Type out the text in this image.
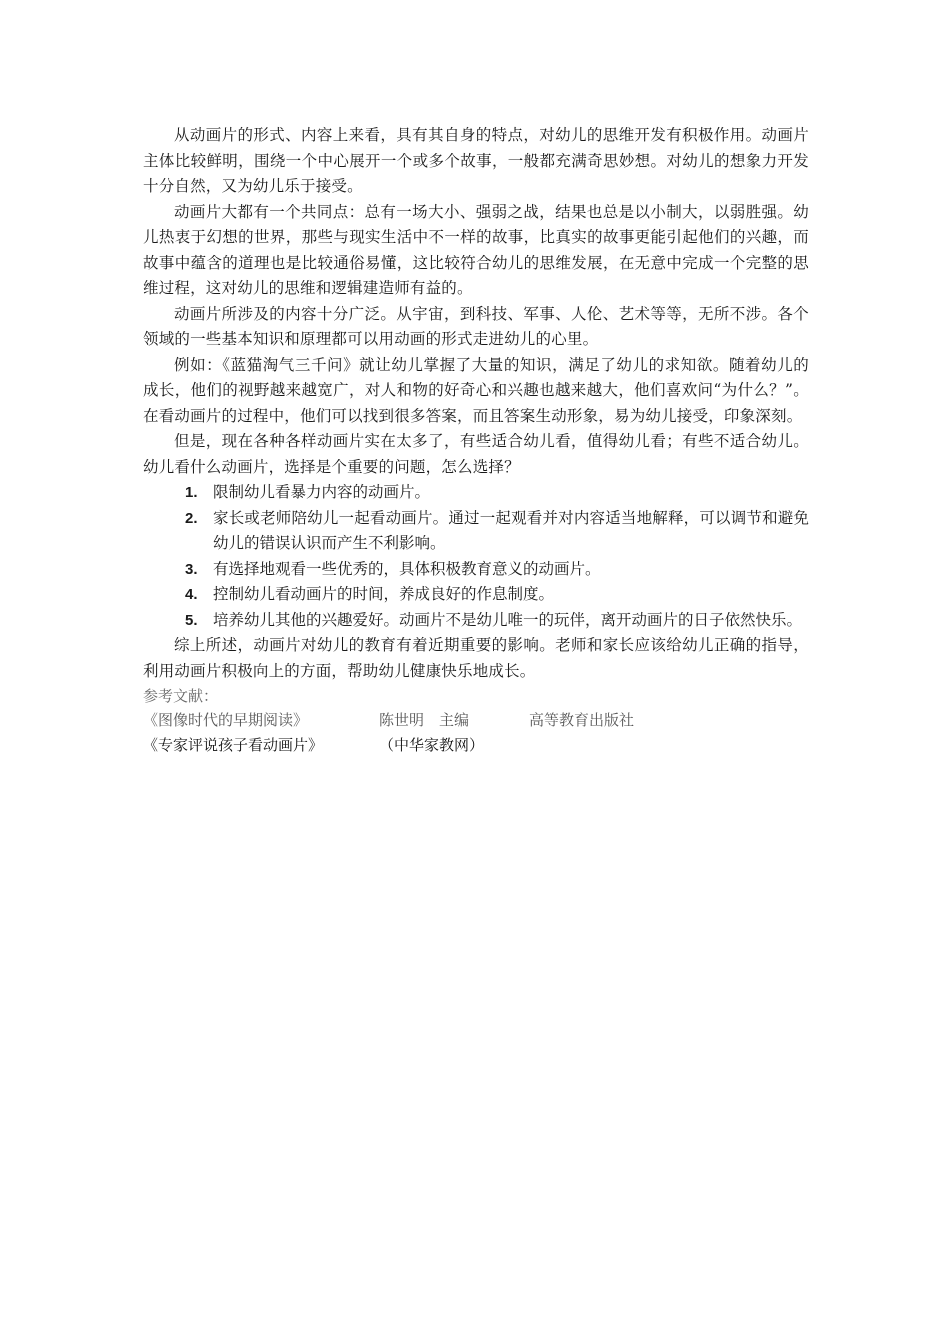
从动画片的形式、内容上来看，具有其自身的特点，对幼儿的思维开发有积极作用。动画片主体比较鲜明，围绕一个中心展开一个或多个故事，一般都充满奇思妙想。对幼儿的想象力开发十分自然，又为幼儿乐于接受。

动画片大都有一个共同点：总有一场大小、强弱之战，结果也总是以小制大，以弱胜强。幼儿热衷于幻想的世界，那些与现实生活中不一样的故事，比真实的故事更能引起他们的兴趣，而故事中蕴含的道理也是比较通俗易懂，这比较符合幼儿的思维发展，在无意中完成一个完整的思维过程，这对幼儿的思维和逻辑建造师有益的。

动画片所涉及的内容十分广泛。从宇宙，到科技、军事、人伦、艺术等等，无所不涉。各个领域的一些基本知识和原理都可以用动画的形式走进幼儿的心里。

例如：《蓝猫淘气三千问》就让幼儿掌握了大量的知识，满足了幼儿的求知欲。随着幼儿的成长，他们的视野越来越宽广，对人和物的好奇心和兴趣也越来越大，他们喜欢问“为什么？”。在看动画片的过程中，他们可以找到很多答案，而且答案生动形象，易为幼儿接受，印象深刻。

但是，现在各种各样动画片实在太多了，有些适合幼儿看，值得幼儿看；有些不适合幼儿。幼儿看什么动画片，选择是个重要的问题，怎么选择？

1. 限制幼儿看暴力内容的动画片。
2. 家长或老师陪幼儿一起看动画片。通过一起观看并对内容适当地解释，可以调节和避免幼儿的错误认识而产生不利影响。
3. 有选择地观看一些优秀的，具体积极教育意义的动画片。
4. 控制幼儿看动画片的时间，养成良好的作息制度。
5. 培养幼儿其他的兴趣爱好。动画片不是幼儿唯一的玩伴，离开动画片的日子依然快乐。

综上所述，动画片对幼儿的教育有着近期重要的影响。老师和家长应该给幼儿正确的指导，利用动画片积极向上的方面，帮助幼儿健康快乐地成长。

参考文献：

《图像时代的早期阅读》	陈世明　主编	高等教育出版社

《专家评说孩子看动画片》	（中华家教网）
